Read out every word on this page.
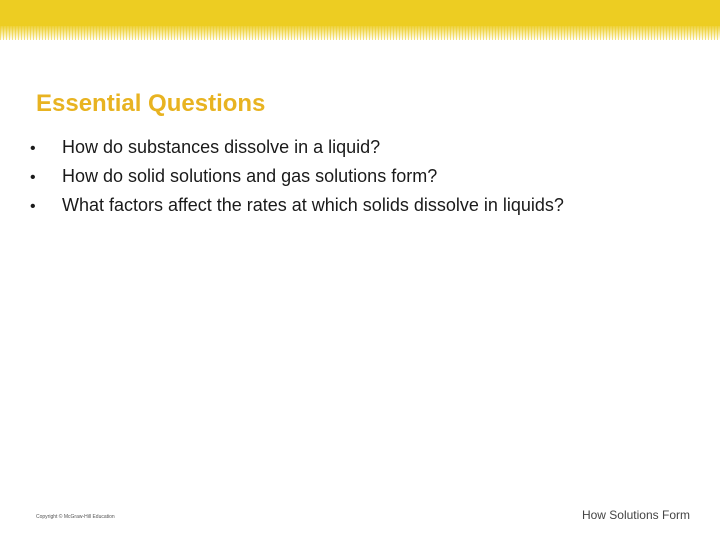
Essential Questions
•	How do substances dissolve in a liquid?
•	How do solid solutions and gas solutions form?
•	What factors affect the rates at which solids dissolve in liquids?
Copyright © McGraw-Hill Education	How Solutions Form
